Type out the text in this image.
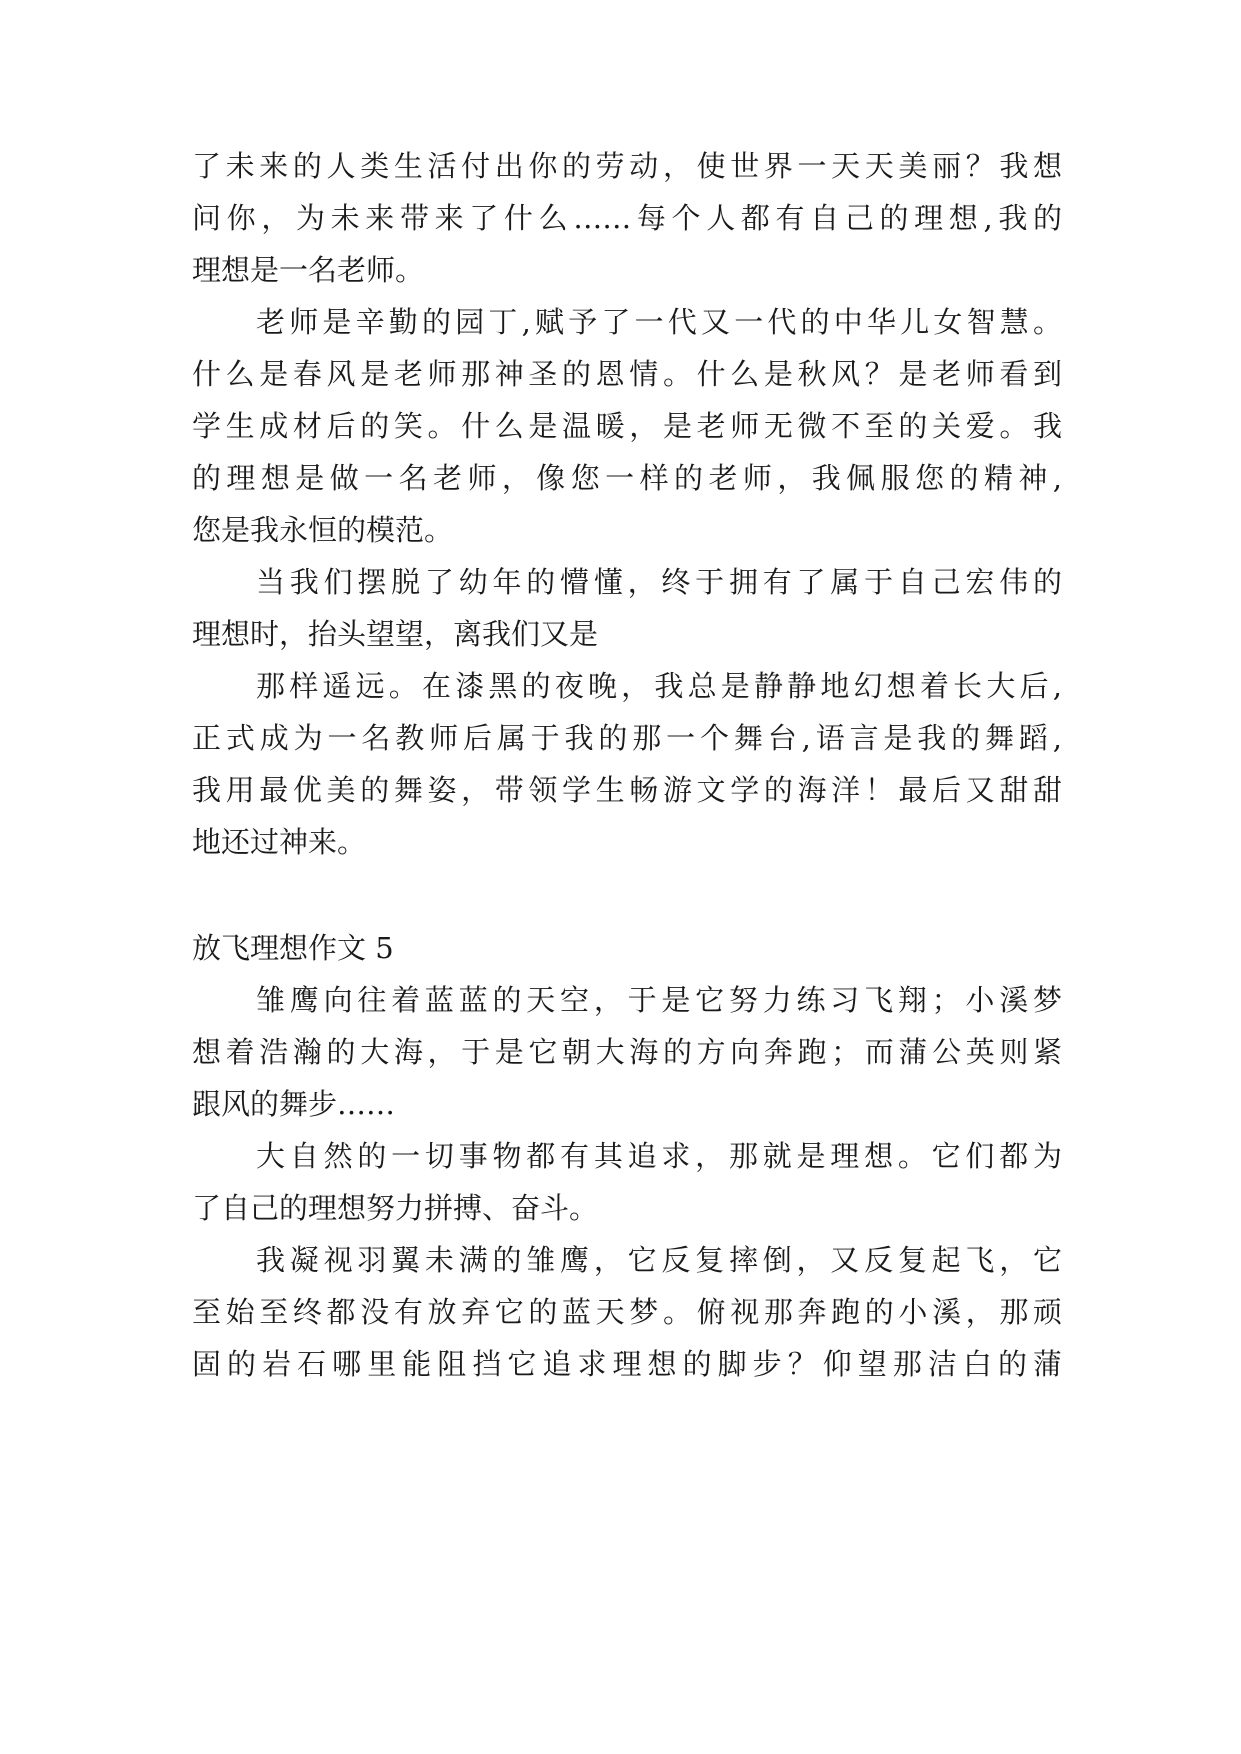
了未来的人类生活付出你的劳动，使世界一天天美丽？我想
问你，为未来带来了什么……每个人都有自己的理想,我的
理想是一名老师。
老师是辛勤的园丁,赋予了一代又一代的中华儿女智慧。
什么是春风是老师那神圣的恩情。什么是秋风？是老师看到
学生成材后的笑。什么是温暖，是老师无微不至的关爱。我
的理想是做一名老师，像您一样的老师，我佩服您的精神,
您是我永恒的模范。
当我们摆脱了幼年的懵懂，终于拥有了属于自己宏伟的
理想时，抬头望望，离我们又是
那样遥远。在漆黑的夜晚，我总是静静地幻想着长大后,
正式成为一名教师后属于我的那一个舞台,语言是我的舞蹈,
我用最优美的舞姿，带领学生畅游文学的海洋！最后又甜甜
地还过神来。
放飞理想作文 5
雏鹰向往着蓝蓝的天空，于是它努力练习飞翔；小溪梦
想着浩瀚的大海，于是它朝大海的方向奔跑；而蒲公英则紧
跟风的舞步……
大自然的一切事物都有其追求，那就是理想。它们都为
了自己的理想努力拼搏、奋斗。
我凝视羽翼未满的雏鹰，它反复摔倒，又反复起飞，它
至始至终都没有放弃它的蓝天梦。俯视那奔跑的小溪，那顽
固的岩石哪里能阻挡它追求理想的脚步？仰望那洁白的蒲
